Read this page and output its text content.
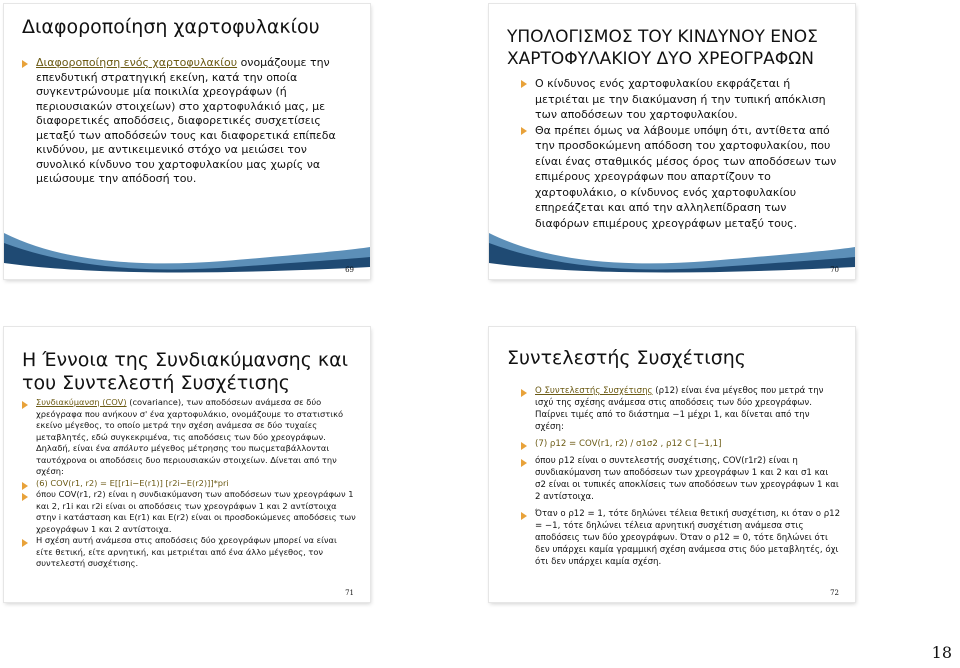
Διαφοροποίηση χαρτοφυλακίου
Διαφοροποίηση ενός χαρτοφυλακίου ονομάζουμε την επενδυτική στρατηγική εκείνη, κατά την οποία συγκεντρώνουμε μία ποικιλία χρεογράφων (ή περιουσιακών στοιχείων) στο χαρτοφυλάκιό μας, με διαφορετικές αποδόσεις, διαφορετικές συσχετίσεις μεταξύ των αποδόσεών τους και διαφορετικά επίπεδα κινδύνου, με αντικειμενικό στόχο να μειώσει τον συνολικό κίνδυνο του χαρτοφυλακίου μας χωρίς να μειώσουμε την απόδοσή του.
69
ΥΠΟΛΟΓΙΣΜΟΣ ΤΟΥ ΚΙΝΔΥΝΟΥ ΕΝΟΣ ΧΑΡΤΟΦΥΛΑΚΙΟΥ ΔΥΟ ΧΡΕΟΓΡΑΦΩΝ
Ο κίνδυνος ενός χαρτοφυλακίου εκφράζεται ή μετριέται με την διακύμανση ή την τυπική απόκλιση των αποδόσεων του χαρτοφυλακίου.
Θα πρέπει όμως να λάβουμε υπόψη ότι, αντίθετα από την προσδοκώμενη απόδοση του χαρτοφυλακίου, που είναι ένας σταθμικός μέσος όρος των αποδόσεων των επιμέρους χρεογράφων που απαρτίζουν το χαρτοφυλάκιο, ο κίνδυνος ενός χαρτοφυλακίου επηρεάζεται και από την αλληλεπίδραση των διαφόρων επιμέρους χρεογράφων μεταξύ τους.
70
Η Έννοια της Συνδιακύμανσης και του Συντελεστή Συσχέτισης
Συνδιακύμανση (COV) (covariance), των αποδόσεων ανάμεσα σε δύο χρεόγραφα που ανήκουν σ' ένα χαρτοφυλάκιο, ονομάζουμε το στατιστικό εκείνο μέγεθος, το οποίο μετρά την σχέση ανάμεσα σε δύο τυχαίες μεταβλητές, εδώ συγκεκριμένα, τις αποδόσεις των δύο χρεογράφων. Δηλαδή, είναι ένα απόλυτο μέγεθος μέτρησης του πωςμεταβάλλονται ταυτόχρονα οι αποδόσεις δυο περιουσιακών στοιχείων. Δίνεται από την σχέση:
(6) COV(r1, r2) = E[[r1i−E(r1)] [r2i−E(r2)]]*pri
όπου COV(r1, r2) είναι η συνδιακύμανση των αποδόσεων των χρεογράφων 1 και 2, r1i και r2i είναι οι αποδόσεις των χρεογράφων 1 και 2 αντίστοιχα στην i κατάσταση και E(r1) και E(r2) είναι οι προσδοκώμενες αποδόσεις των χρεογράφων 1 και 2 αντίστοιχα.
Η σχέση αυτή ανάμεσα στις αποδόσεις δύο χρεογράφων μπορεί να είναι είτε θετική, είτε αρνητική, και μετριέται από ένα άλλο μέγεθος, τον συντελεστή συσχέτισης.
71
Συντελεστής Συσχέτισης
Ο Συντελεστής Συσχέτισης (ρ12) είναι ένα μέγεθος που μετρά την ισχύ της σχέσης ανάμεσα στις αποδόσεις των δύο χρεογράφων. Παίρνει τιμές από το διάστημα −1 μέχρι 1, και δίνεται από την σχέση:
(7) ρ12 = COV(r1, r2) / σ1σ2 , ρ12 C [−1,1]
όπου ρ12 είναι ο συντελεστής συσχέτισης, COV(r1r2) είναι η συνδιακύμανση των αποδόσεων των χρεογράφων 1 και 2 και σ1 και σ2 είναι οι τυπικές αποκλίσεις των αποδόσεων των χρεογράφων 1 και 2 αντίστοιχα.
Όταν ο ρ12 = 1, τότε δηλώνει τέλεια θετική συσχέτιση, κι όταν ο ρ12 = −1, τότε δηλώνει τέλεια αρνητική συσχέτιση ανάμεσα στις αποδόσεις των δύο χρεογράφων. Όταν ο ρ12 = 0, τότε δηλώνει ότι δεν υπάρχει καμία γραμμική σχέση ανάμεσα στις δύο μεταβλητές, όχι ότι δεν υπάρχει καμία σχέση.
72
18
